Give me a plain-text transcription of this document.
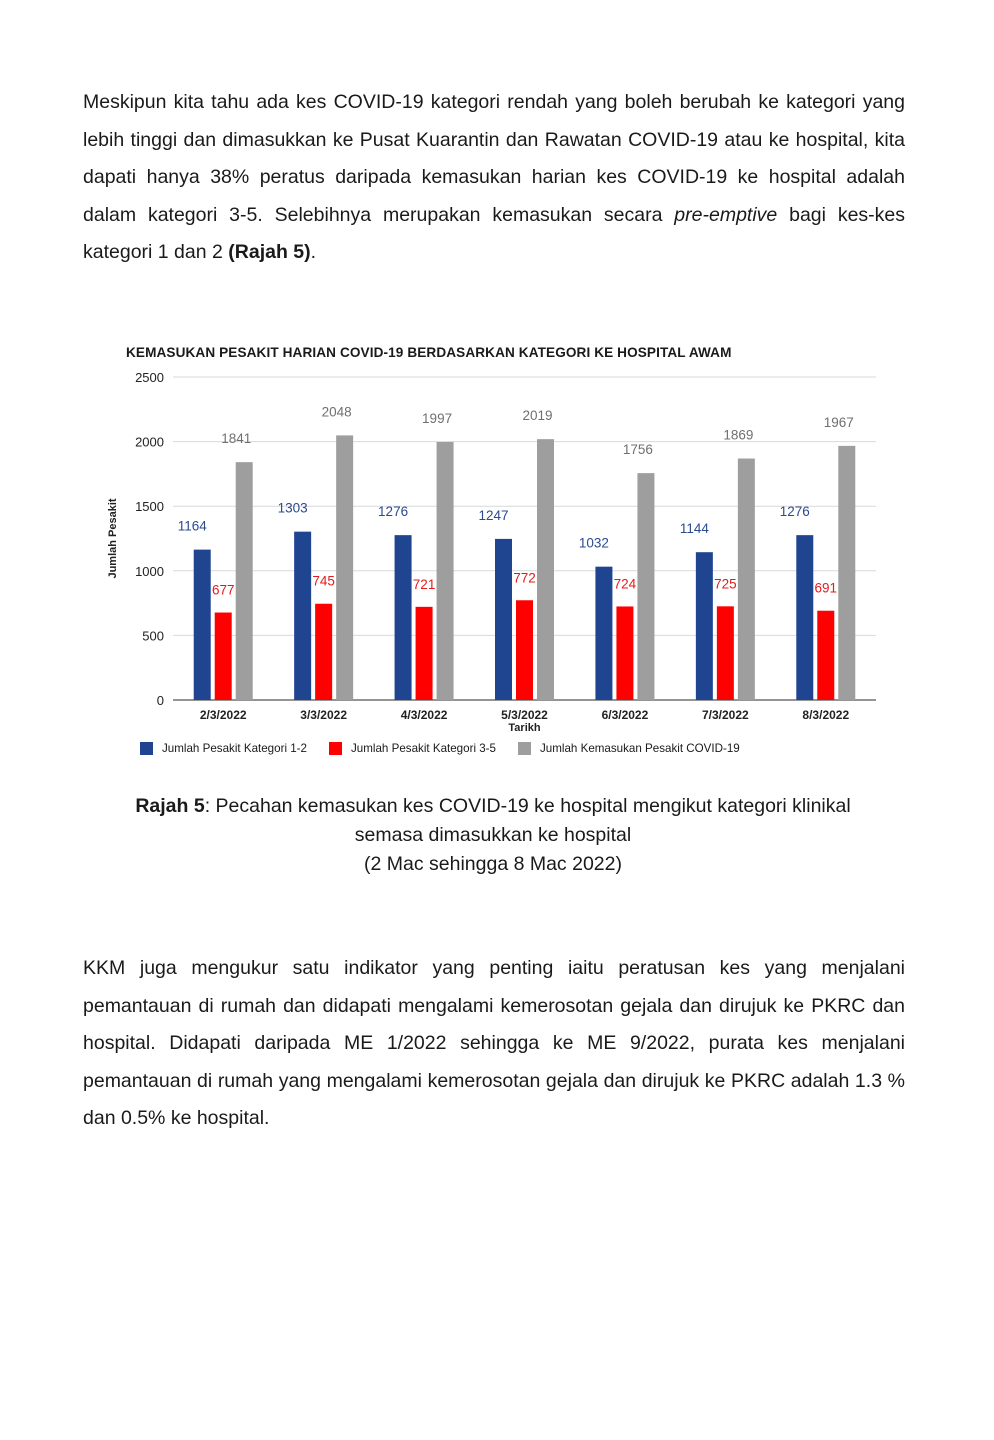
Meskipun kita tahu ada kes COVID-19 kategori rendah yang boleh berubah ke kategori yang lebih tinggi dan dimasukkan ke Pusat Kuarantin dan Rawatan COVID-19 atau ke hospital, kita dapati hanya 38% peratus daripada kemasukan harian kes COVID-19 ke hospital adalah dalam kategori 3-5. Selebihnya merupakan kemasukan secara pre-emptive bagi kes-kes kategori 1 dan 2 (Rajah 5).

0
500
1000
1500
2000
2500
Jumlah Pesakit	1164
677
1841
2/3/2022
1303
745
2048
3/3/2022
1276
721
1997
4/3/2022
1247
772
2019
5/3/2022
1032
724
1756
6/3/2022
1144
725
1869
7/3/2022
1276
691
1967
8/3/2022
Tarikh

KEMASUKAN PESAKIT HARIAN COVID-19 BERDASARKAN KATEGORI KE HOSPITAL AWAM

Jumlah Pesakit Kategori 1-2	Jumlah Pesakit Kategori 3-5	Jumlah Kemasukan Pesakit COVID-19
Rajah 5: Pecahan kemasukan kes COVID-19 ke hospital mengikut kategori klinikal
semasa dimasukkan ke hospital
(2 Mac sehingga 8 Mac 2022)

KKM juga mengukur satu indikator yang penting iaitu peratusan kes yang menjalani pemantauan di rumah dan didapati mengalami kemerosotan gejala dan dirujuk ke PKRC dan hospital. Didapati daripada ME 1/2022 sehingga ke ME 9/2022, purata kes menjalani pemantauan di rumah yang mengalami kemerosotan gejala dan dirujuk ke PKRC adalah 1.3 % dan 0.5% ke hospital.
